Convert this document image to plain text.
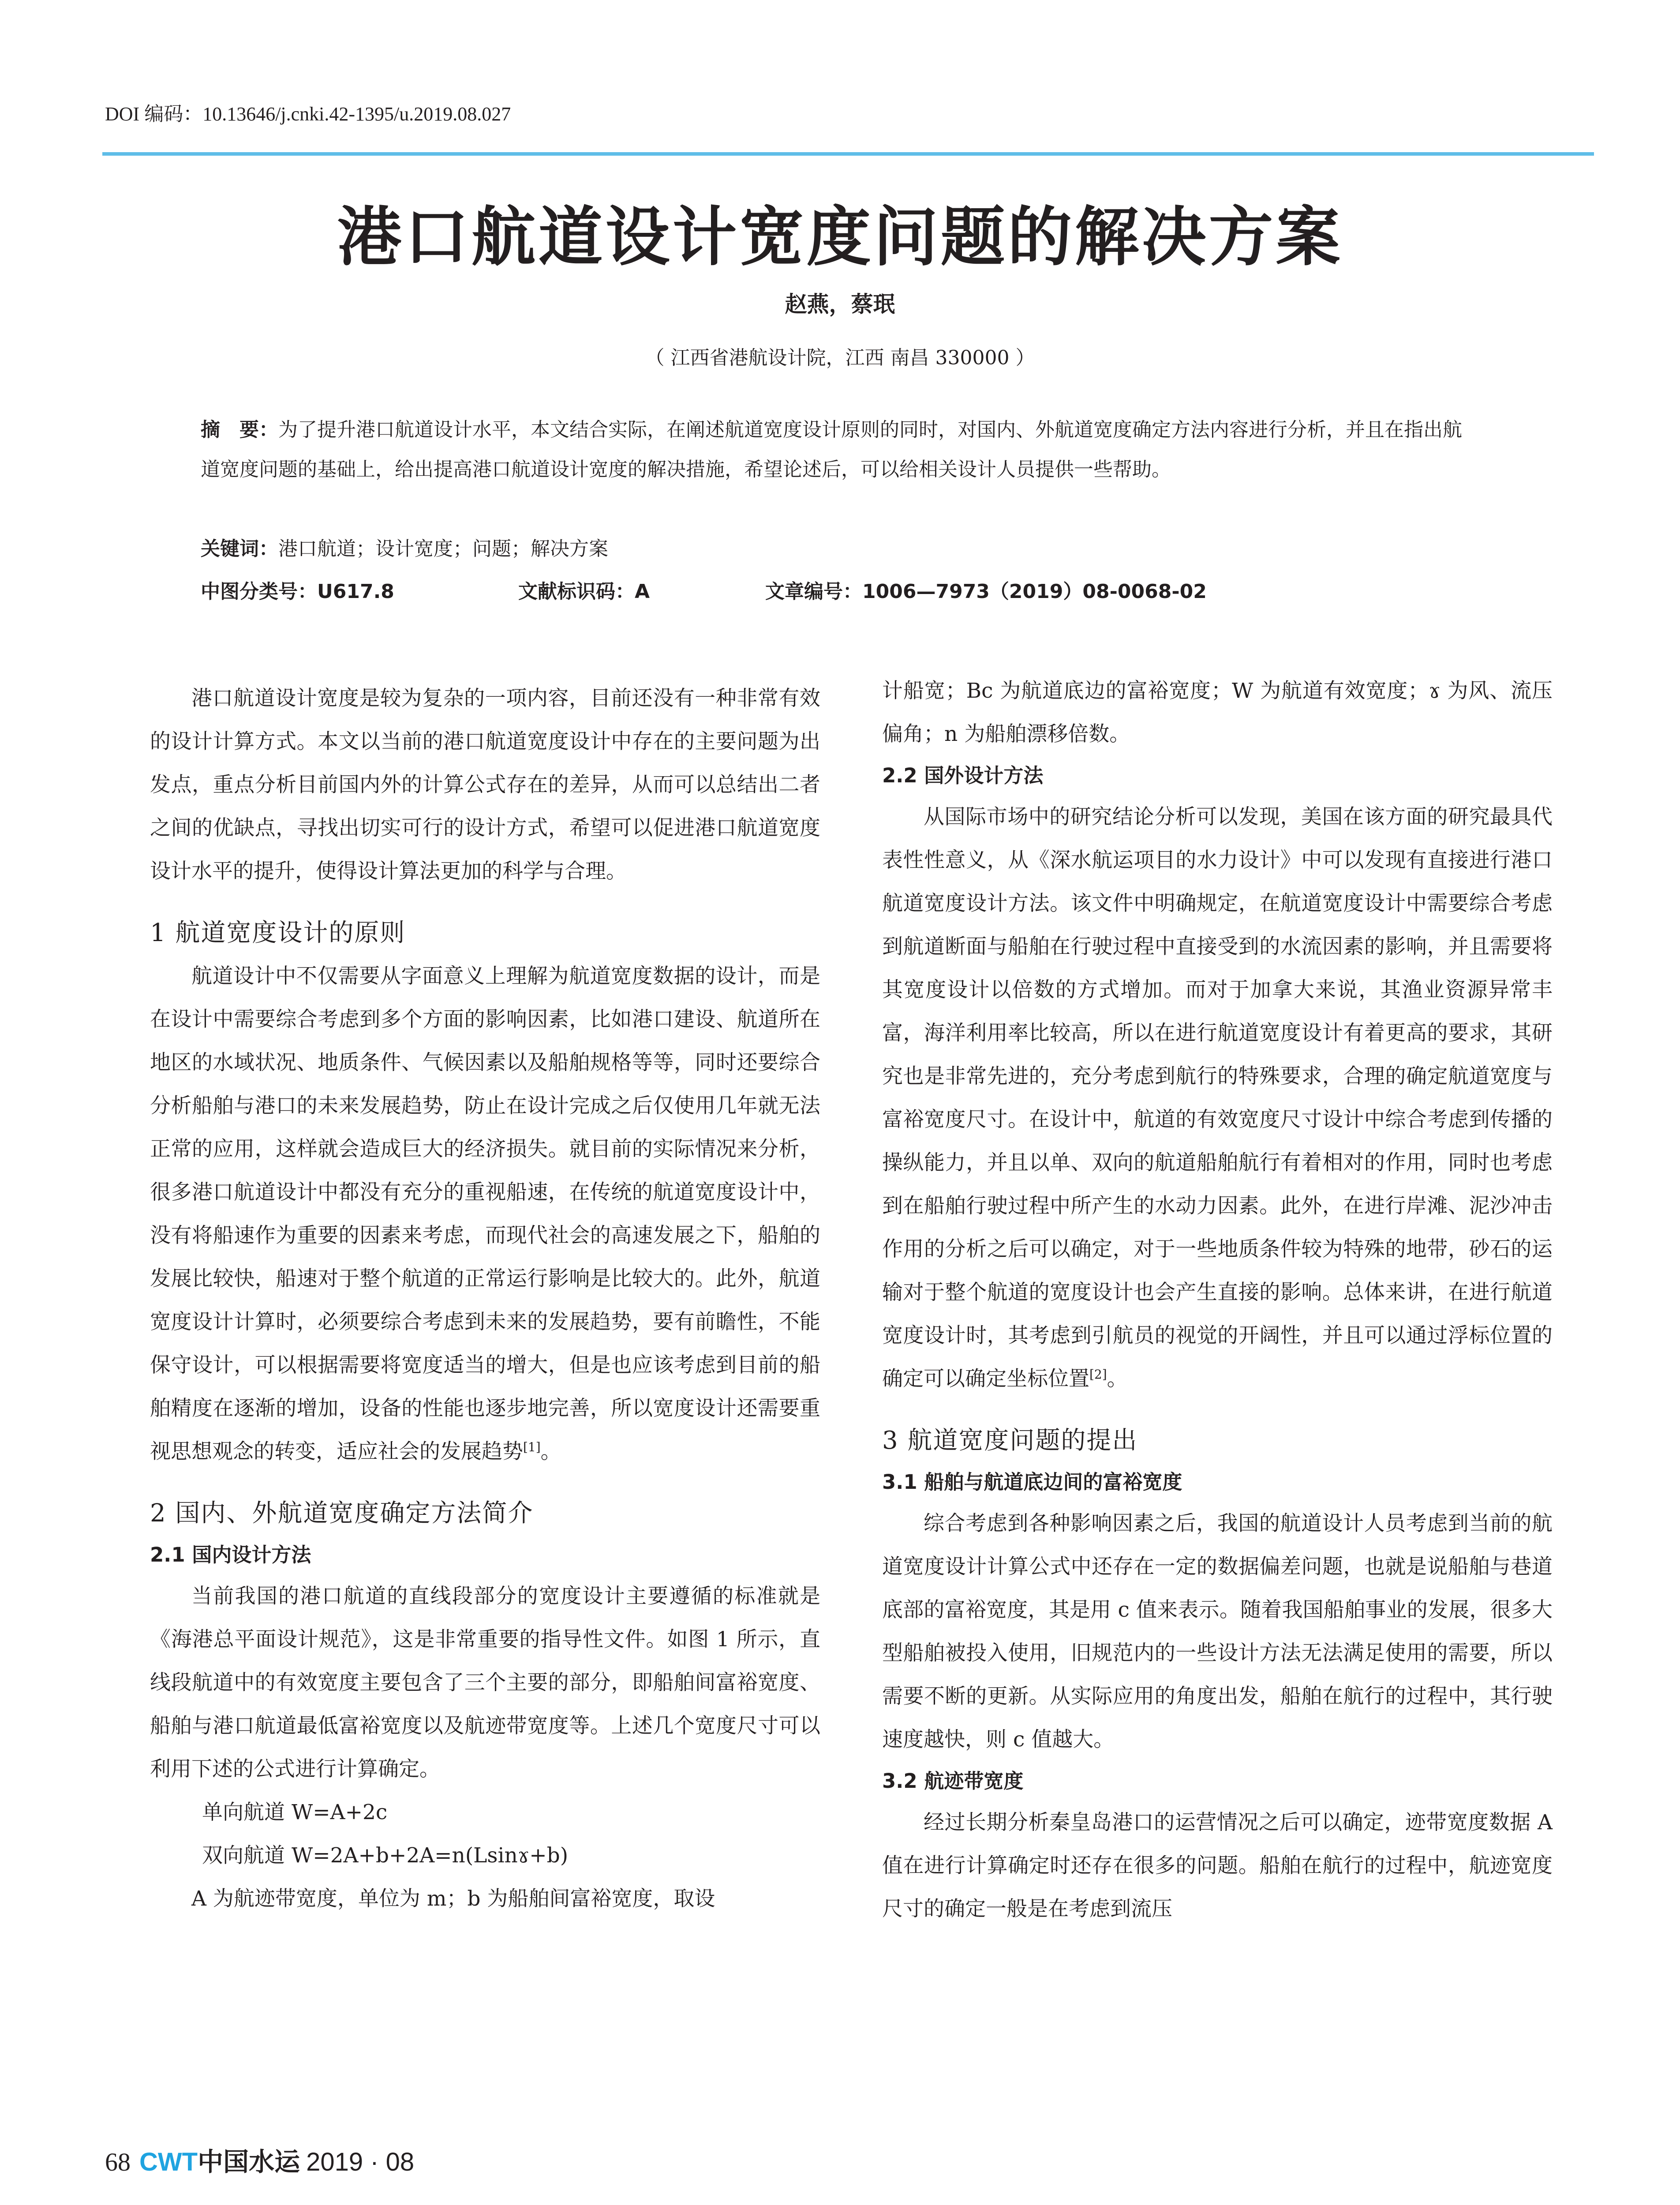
DOI 编码：10.13646/j.cnki.42-1395/u.2019.08.027
港口航道设计宽度问题的解决方案
赵燕，蔡珉
（ 江西省港航设计院，江西 南昌 330000 ）
摘　要：为了提升港口航道设计水平，本文结合实际，在阐述航道宽度设计原则的同时，对国内、外航道宽度确定方法内容进行分析，并且在指出航道宽度问题的基础上，给出提高港口航道设计宽度的解决措施，希望论述后，可以给相关设计人员提供一些帮助。
关键词：港口航道；设计宽度；问题；解决方案
中图分类号：U617.8	文献标识码：A	文章编号：1006—7973（2019）08-0068-02

港口航道设计宽度是较为复杂的一项内容，目前还没有一种非常有效的设计计算方式。本文以当前的港口航道宽度设计中存在的主要问题为出发点，重点分析目前国内外的计算公式存在的差异，从而可以总结出二者之间的优缺点，寻找出切实可行的设计方式，希望可以促进港口航道宽度设计水平的提升，使得设计算法更加的科学与合理。

1 航道宽度设计的原则

航道设计中不仅需要从字面意义上理解为航道宽度数据的设计，而是在设计中需要综合考虑到多个方面的影响因素，比如港口建设、航道所在地区的水域状况、地质条件、气候因素以及船舶规格等等，同时还要综合分析船舶与港口的未来发展趋势，防止在设计完成之后仅使用几年就无法正常的应用，这样就会造成巨大的经济损失。就目前的实际情况来分析，很多港口航道设计中都没有充分的重视船速，在传统的航道宽度设计中，没有将船速作为重要的因素来考虑，而现代社会的高速发展之下，船舶的发展比较快，船速对于整个航道的正常运行影响是比较大的。此外，航道宽度设计计算时，必须要综合考虑到未来的发展趋势，要有前瞻性，不能保守设计，可以根据需要将宽度适当的增大，但是也应该考虑到目前的船舶精度在逐渐的增加，设备的性能也逐步地完善，所以宽度设计还需要重视思想观念的转变，适应社会的发展趋势[1]。

2 国内、外航道宽度确定方法简介
2.1 国内设计方法

当前我国的港口航道的直线段部分的宽度设计主要遵循的标准就是《海港总平面设计规范》，这是非常重要的指导性文件。如图 1 所示，直线段航道中的有效宽度主要包含了三个主要的部分，即船舶间富裕宽度、船舶与港口航道最低富裕宽度以及航迹带宽度等。上述几个宽度尺寸可以利用下述的公式进行计算确定。

单向航道 W=A+2c

双向航道 W=2A+b+2A=n(Lsinɤ+b)

A 为航迹带宽度，单位为 m；b 为船舶间富裕宽度，取设

计船宽；Bc 为航道底边的富裕宽度；W 为航道有效宽度；ɤ 为风、流压偏角；n 为船舶漂移倍数。

2.2 国外设计方法

从国际市场中的研究结论分析可以发现，美国在该方面的研究最具代表性性意义，从《深水航运项目的水力设计》中可以发现有直接进行港口航道宽度设计方法。该文件中明确规定，在航道宽度设计中需要综合考虑到航道断面与船舶在行驶过程中直接受到的水流因素的影响，并且需要将其宽度设计以倍数的方式增加。而对于加拿大来说，其渔业资源异常丰富，海洋利用率比较高，所以在进行航道宽度设计有着更高的要求，其研究也是非常先进的，充分考虑到航行的特殊要求，合理的确定航道宽度与富裕宽度尺寸。在设计中，航道的有效宽度尺寸设计中综合考虑到传播的操纵能力，并且以单、双向的航道船舶航行有着相对的作用，同时也考虑到在船舶行驶过程中所产生的水动力因素。此外，在进行岸滩、泥沙冲击作用的分析之后可以确定，对于一些地质条件较为特殊的地带，砂石的运输对于整个航道的宽度设计也会产生直接的影响。总体来讲，在进行航道宽度设计时，其考虑到引航员的视觉的开阔性，并且可以通过浮标位置的确定可以确定坐标位置[2]。

3 航道宽度问题的提出
3.1 船舶与航道底边间的富裕宽度

综合考虑到各种影响因素之后，我国的航道设计人员考虑到当前的航道宽度设计计算公式中还存在一定的数据偏差问题，也就是说船舶与巷道底部的富裕宽度，其是用 c 值来表示。随着我国船舶事业的发展，很多大型船舶被投入使用，旧规范内的一些设计方法无法满足使用的需要，所以需要不断的更新。从实际应用的角度出发，船舶在航行的过程中，其行驶速度越快，则 c 值越大。

3.2 航迹带宽度

经过长期分析秦皇岛港口的运营情况之后可以确定，迹带宽度数据 A 值在进行计算确定时还存在很多的问题。船舶在航行的过程中，航迹宽度尺寸的确定一般是在考虑到流压

68 CWT中国水运 2019 · 08
